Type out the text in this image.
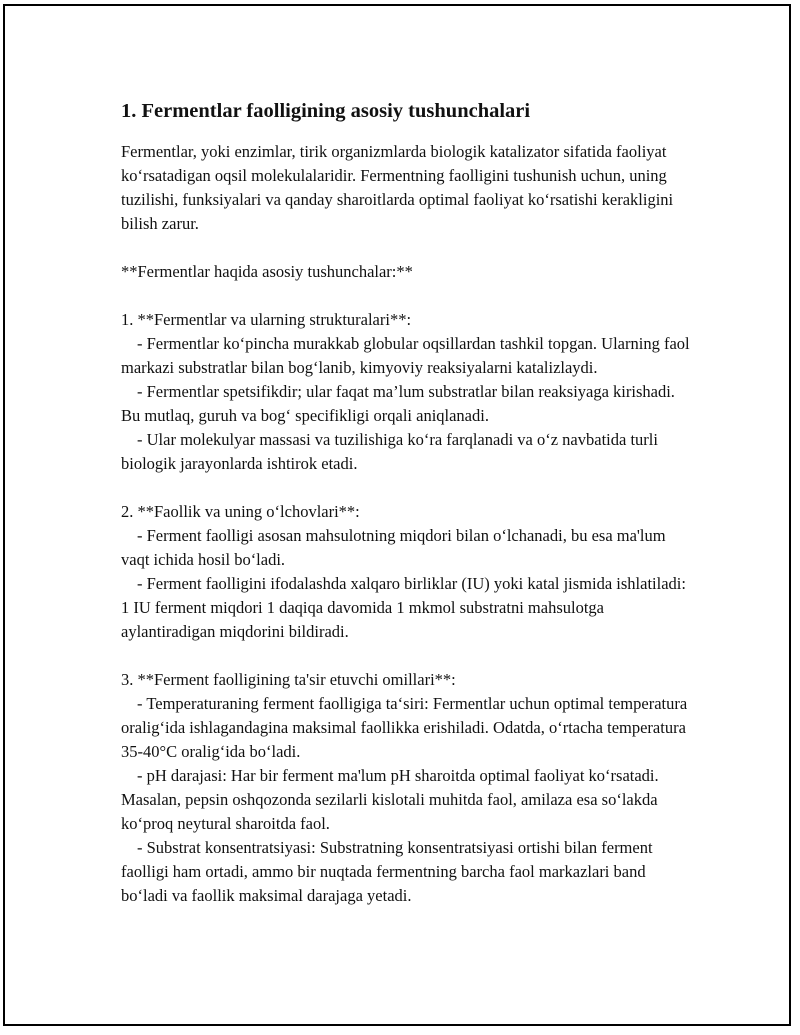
1. Fermentlar faolligining asosiy tushunchalari

Fermentlar, yoki enzimlar, tirik organizmlarda biologik katalizator sifatida faoliyat ko‘rsatadigan oqsil molekulalaridir. Fermentning faolligini tushunish uchun, uning tuzilishi, funksiyalari va qanday sharoitlarda optimal faoliyat ko‘rsatishi kerakligini bilish zarur.

**Fermentlar haqida asosiy tushunchalar:**

1. **Fermentlar va ularning strukturalari**:

- Fermentlar ko‘pincha murakkab globular oqsillardan tashkil topgan. Ularning faol markazi substratlar bilan bog‘lanib, kimyoviy reaksiyalarni katalizlaydi.

- Fermentlar spetsifikdir; ular faqat ma’lum substratlar bilan reaksiyaga kirishadi. Bu mutlaq, guruh va bog‘ specifikligi orqali aniqlanadi.

- Ular molekulyar massasi va tuzilishiga ko‘ra farqlanadi va o‘z navbatida turli biologik jarayonlarda ishtirok etadi.

2. **Faollik va uning o‘lchovlari**:

- Ferment faolligi asosan mahsulotning miqdori bilan o‘lchanadi, bu esa ma'lum vaqt ichida hosil bo‘ladi.

- Ferment faolligini ifodalashda xalqaro birliklar (IU) yoki katal jismida ishlatiladi: 1 IU ferment miqdori 1 daqiqa davomida 1 mkmol substratni mahsulotga aylantiradigan miqdorini bildiradi.

3. **Ferment faolligining ta'sir etuvchi omillari**:

- Temperaturaning ferment faolligiga ta‘siri: Fermentlar uchun optimal temperatura oralig‘ida ishlagandagina maksimal faollikka erishiladi. Odatda, o‘rtacha temperatura 35-40°C oralig‘ida bo‘ladi.

- pH darajasi: Har bir ferment ma'lum pH sharoitda optimal faoliyat ko‘rsatadi. Masalan, pepsin oshqozonda sezilarli kislotali muhitda faol, amilaza esa so‘lakda ko‘proq neytural sharoitda faol.

- Substrat konsentratsiyasi: Substratning konsentratsiyasi ortishi bilan ferment faolligi ham ortadi, ammo bir nuqtada fermentning barcha faol markazlari band bo‘ladi va faollik maksimal darajaga yetadi.
